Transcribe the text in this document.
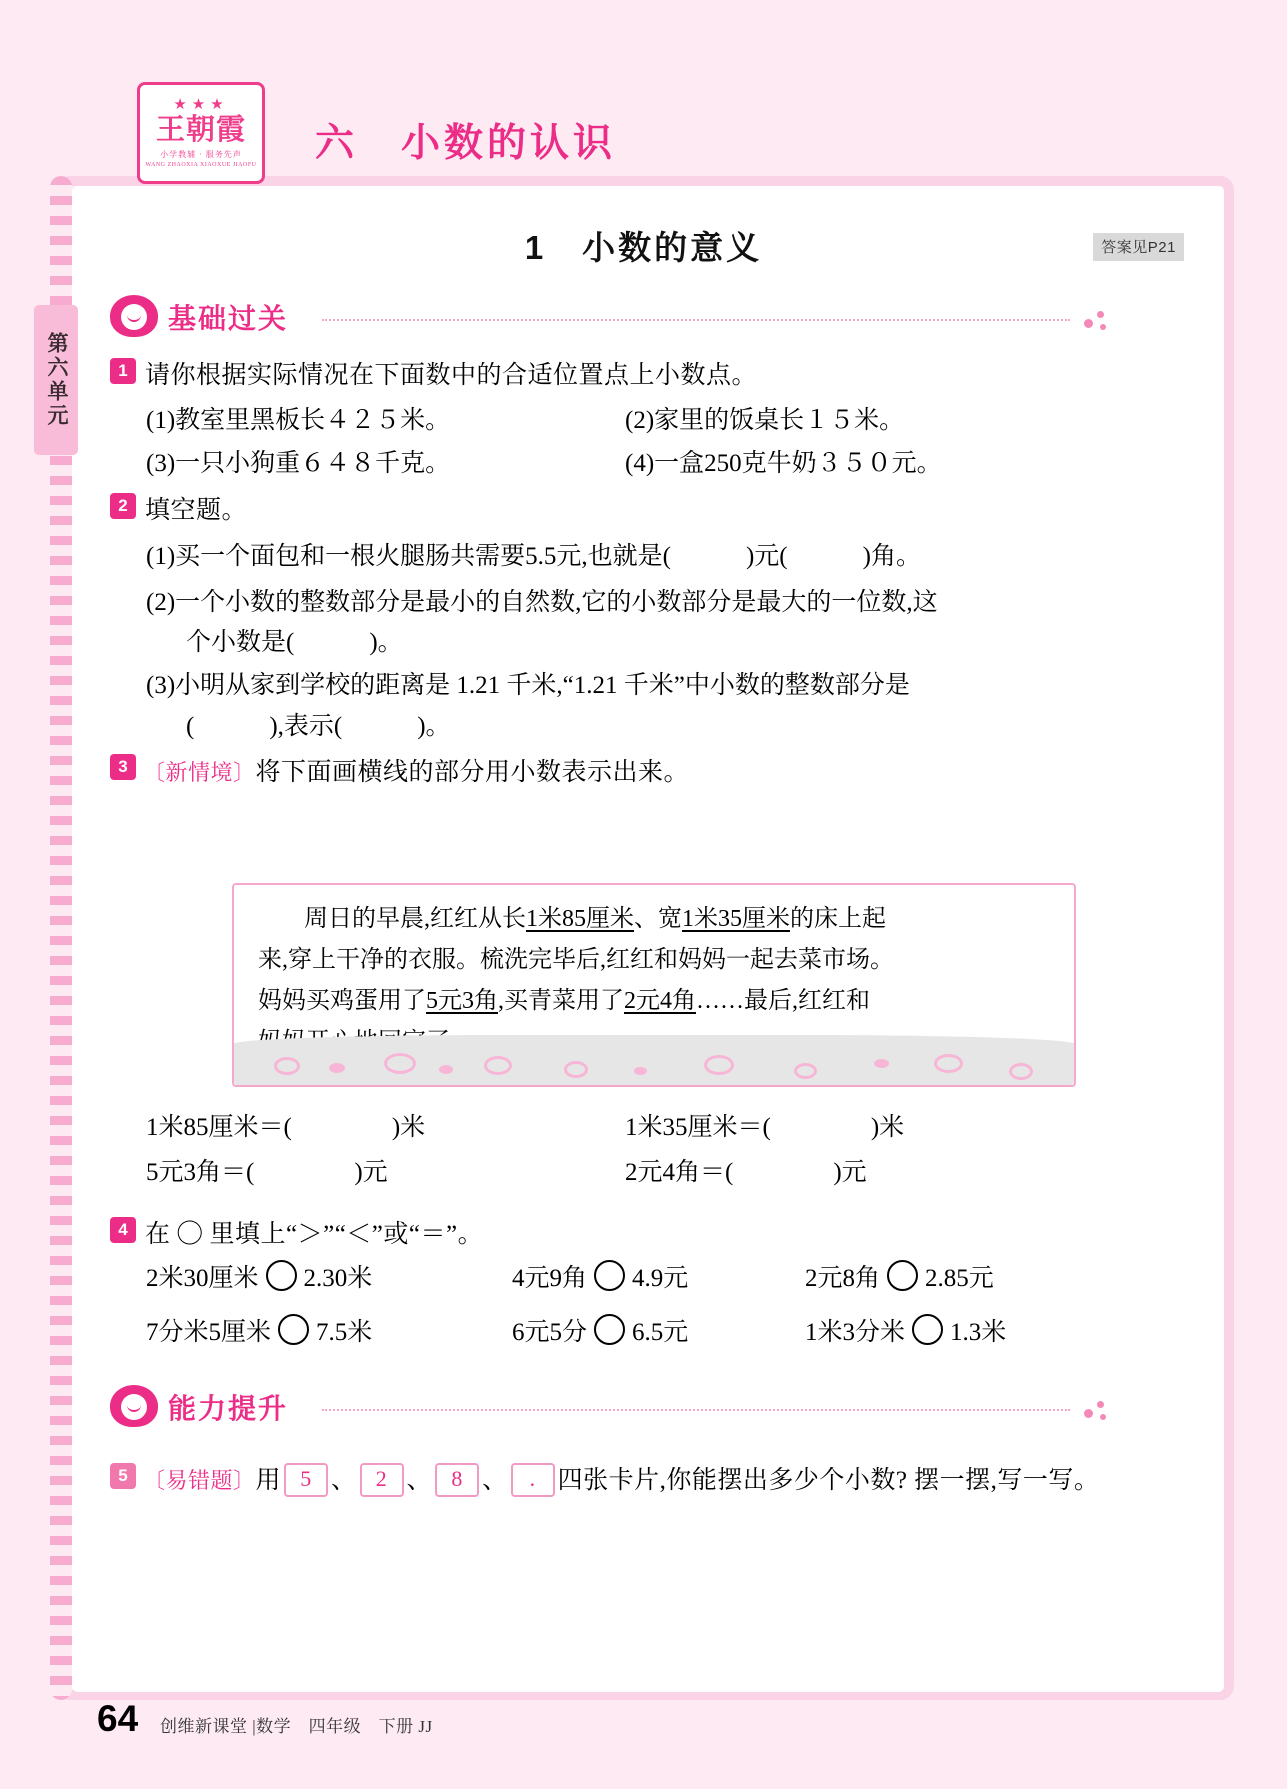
★★★
王朝霞
小学教辅 · 服务先声
WANG ZHAOXIA XIAOXUE JIAOFU 六　小数的认识
第六单元
1　小数的意义	答案见P21
基础过关
1 请你根据实际情况在下面数中的合适位置点上小数点。
(1)教室里黑板长４２５米。	(2)家里的饭桌长１５米。
(3)一只小狗重６４８千克。	(4)一盒250克牛奶３５０元。
2 填空题。
(1)买一个面包和一根火腿肠共需要5.5元,也就是(　　　)元(　　　)角。
(2)一个小数的整数部分是最小的自然数,它的小数部分是最大的一位数,这
个小数是(　　　)。
(3)小明从家到学校的距离是 1.21 千米,“1.21 千米”中小数的整数部分是
(　　　),表示(　　　)。
3 〔新情境〕将下面画横线的部分用小数表示出来。
周日的早晨,红红从长1米85厘米、宽1米35厘米的床上起
来,穿上干净的衣服。梳洗完毕后,红红和妈妈一起去菜市场。
妈妈买鸡蛋用了5元3角,买青菜用了2元4角……最后,红红和
1米85厘米＝(　　　　)米	1米35厘米＝(　　　　)米
5元3角＝(　　　　)元	2元4角＝(　　　　)元
4 在 ◯ 里填上“＞”“＜”或“＝”。
2米30厘米 2.30米	4元9角 4.9元	2元8角 2.85元
7分米5厘米 7.5米	6元5分 6.5元	1米3分米 1.3米
能力提升
5 〔易错题〕用 5 、 2 、 8 、 . 四张卡片,你能摆出多少个小数? 摆一摆,写一写。
64 创维新课堂 |数学　四年级　下册 JJ
